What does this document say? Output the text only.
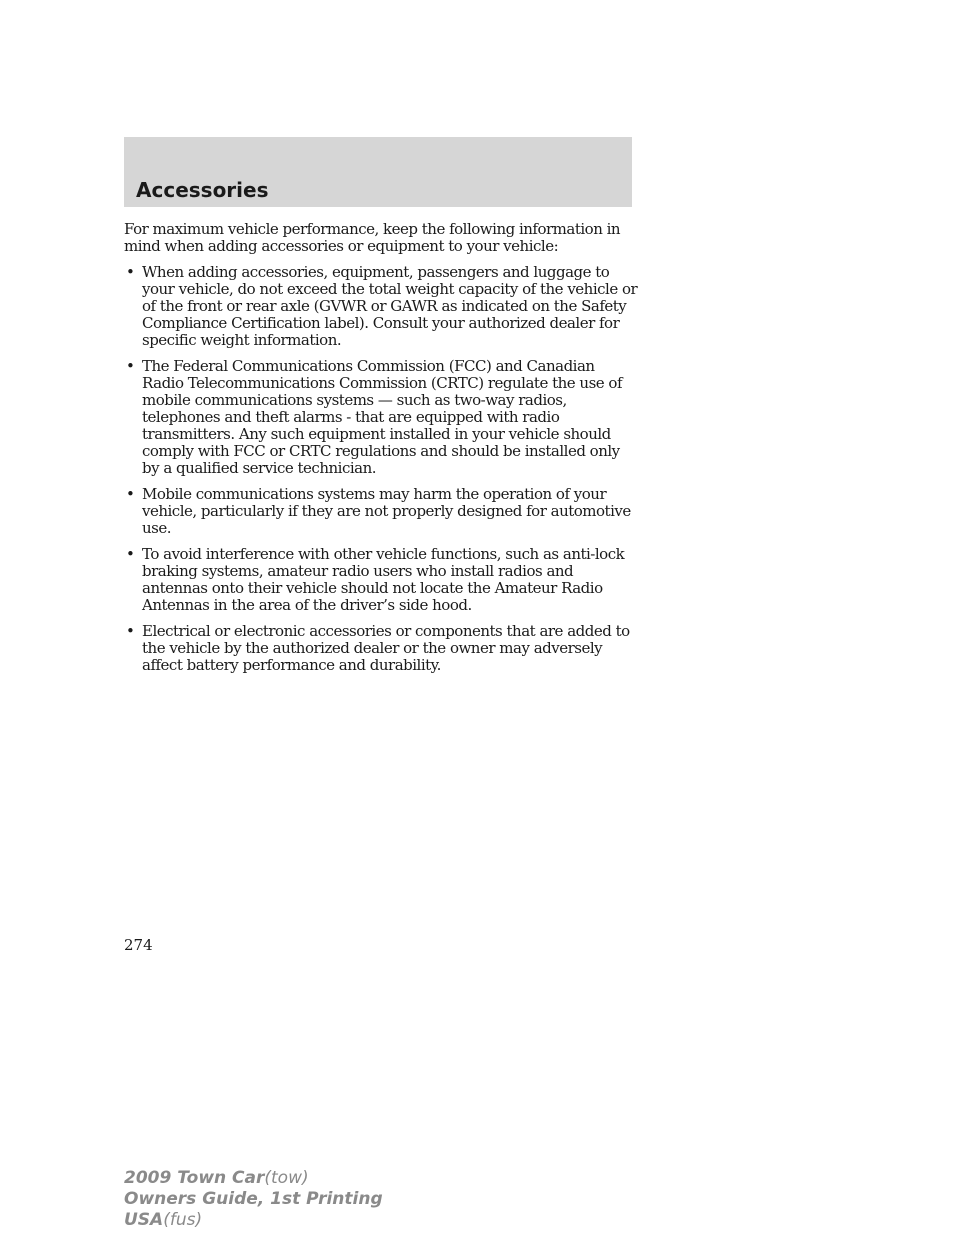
Accessories

For maximum vehicle performance, keep the following information in mind when adding accessories or equipment to your vehicle:

• When adding accessories, equipment, passengers and luggage to your vehicle, do not exceed the total weight capacity of the vehicle or of the front or rear axle (GVWR or GAWR as indicated on the Safety Compliance Certification label). Consult your authorized dealer for specific weight information.
• The Federal Communications Commission (FCC) and Canadian Radio Telecommunications Commission (CRTC) regulate the use of mobile communications systems — such as two-way radios, telephones and theft alarms - that are equipped with radio transmitters. Any such equipment installed in your vehicle should comply with FCC or CRTC regulations and should be installed only by a qualified service technician.
• Mobile communications systems may harm the operation of your vehicle, particularly if they are not properly designed for automotive use.
• To avoid interference with other vehicle functions, such as anti-lock braking systems, amateur radio users who install radios and antennas onto their vehicle should not locate the Amateur Radio Antennas in the area of the driver’s side hood.
• Electrical or electronic accessories or components that are added to the vehicle by the authorized dealer or the owner may adversely affect battery performance and durability.
274
2009 Town Car(tow)
Owners Guide, 1st Printing
USA(fus)
